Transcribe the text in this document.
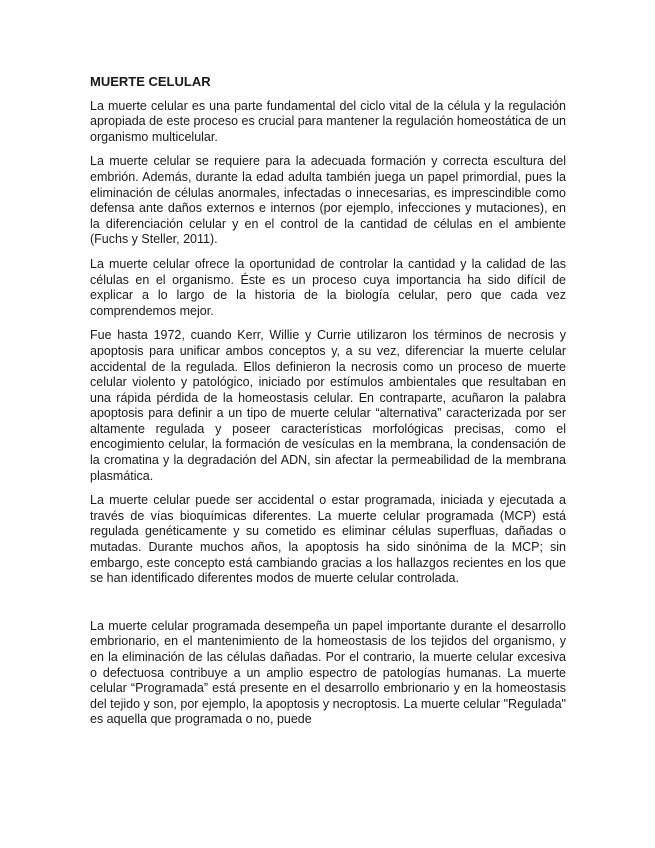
MUERTE CELULAR

La muerte celular es una parte fundamental del ciclo vital de la célula y la regulación apropiada de este proceso es crucial para mantener la regulación homeostática de un organismo multicelular.

La muerte celular se requiere para la adecuada formación y correcta escultura del embrión. Además, durante la edad adulta también juega un papel primordial, pues la eliminación de células anormales, infectadas o innecesarias, es imprescindible como defensa ante daños externos e internos (por ejemplo, infecciones y mutaciones), en la diferenciación celular y en el control de la cantidad de células en el ambiente (Fuchs y Steller, 2011).

La muerte celular ofrece la oportunidad de controlar la cantidad y la calidad de las células en el organismo. Éste es un proceso cuya importancia ha sido difícil de explicar a lo largo de la historia de la biología celular, pero que cada vez comprendemos mejor.

Fue hasta 1972, cuando Kerr, Willie y Currie utilizaron los términos de necrosis y apoptosis para unificar ambos conceptos y, a su vez, diferenciar la muerte celular accidental de la regulada. Ellos definieron la necrosis como un proceso de muerte celular violento y patológico, iniciado por estímulos ambientales que resultaban en una rápida pérdida de la homeostasis celular. En contraparte, acuñaron la palabra apoptosis para definir a un tipo de muerte celular “alternativa” caracterizada por ser altamente regulada y poseer características morfológicas precisas, como el encogimiento celular, la formación de vesículas en la membrana, la condensación de la cromatina y la degradación del ADN, sin afectar la permeabilidad de la membrana plasmática.

La muerte celular puede ser accidental o estar programada, iniciada y ejecutada a través de vías bioquímicas diferentes. La muerte celular programada (MCP) está regulada genéticamente y su cometido es eliminar células superfluas, dañadas o mutadas. Durante muchos años, la apoptosis ha sido sinónima de la MCP; sin embargo, este concepto está cambiando gracias a los hallazgos recientes en los que se han identificado diferentes modos de muerte celular controlada.

La muerte celular programada desempeña un papel importante durante el desarrollo embrionario, en el mantenimiento de la homeostasis de los tejidos del organismo, y en la eliminación de las células dañadas. Por el contrario, la muerte celular excesiva o defectuosa contribuye a un amplio espectro de patologías humanas. La muerte celular “Programada” está presente en el desarrollo embrionario y en la homeostasis del tejido y son, por ejemplo, la apoptosis y necroptosis. La muerte celular "Regulada" es aquella que programada o no, puede
